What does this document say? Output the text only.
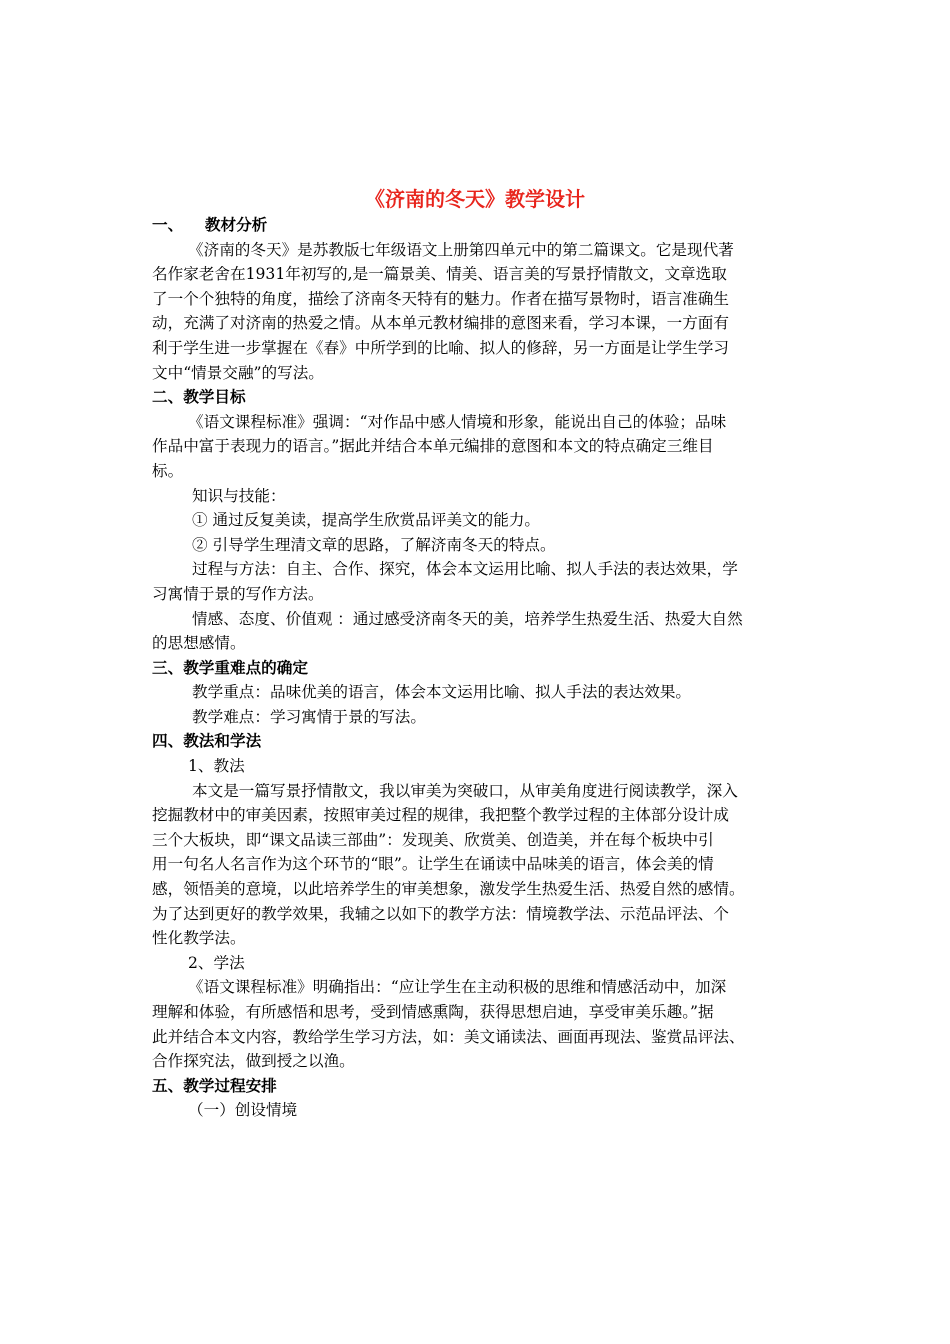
《济南的冬天》教学设计
一、    教材分析
《济南的冬天》是苏教版七年级语文上册第四单元中的第二篇课文。它是现代著
名作家老舍在1931年初写的,是一篇景美、情美、语言美的写景抒情散文，文章选取
了一个个独特的角度，描绘了济南冬天特有的魅力。作者在描写景物时，语言准确生
动，充满了对济南的热爱之情。从本单元教材编排的意图来看，学习本课，一方面有
利于学生进一步掌握在《春》中所学到的比喻、拟人的修辞，另一方面是让学生学习
文中“情景交融”的写法。
二、教学目标
《语文课程标准》强调：“对作品中感人情境和形象，能说出自己的体验；品味
作品中富于表现力的语言。”据此并结合本单元编排的意图和本文的特点确定三维目
标。
知识与技能：
① 通过反复美读，提高学生欣赏品评美文的能力。
② 引导学生理清文章的思路，了解济南冬天的特点。
过程与方法：自主、合作、探究，体会本文运用比喻、拟人手法的表达效果，学
习寓情于景的写作方法。
情感、态度、价值观 ：通过感受济南冬天的美，培养学生热爱生活、热爱大自然
的思想感情。
三、教学重难点的确定
教学重点：品味优美的语言，体会本文运用比喻、拟人手法的表达效果。
教学难点：学习寓情于景的写法。
四、教法和学法
1、教法
本文是一篇写景抒情散文，我以审美为突破口，从审美角度进行阅读教学，深入
挖掘教材中的审美因素，按照审美过程的规律，我把整个教学过程的主体部分设计成
三个大板块，即“课文品读三部曲”：发现美、欣赏美、创造美，并在每个板块中引
用一句名人名言作为这个环节的“眼”。让学生在诵读中品味美的语言，体会美的情
感，领悟美的意境，以此培养学生的审美想象，激发学生热爱生活、热爱自然的感情。
为了达到更好的教学效果，我辅之以如下的教学方法：情境教学法、示范品评法、个
性化教学法。
2、学法
《语文课程标准》明确指出：“应让学生在主动积极的思维和情感活动中，加深
理解和体验，有所感悟和思考，受到情感熏陶，获得思想启迪，享受审美乐趣。”据
此并结合本文内容，教给学生学习方法，如：美文诵读法、画面再现法、鉴赏品评法、
合作探究法，做到授之以渔。
五、教学过程安排
（一）创设情境
